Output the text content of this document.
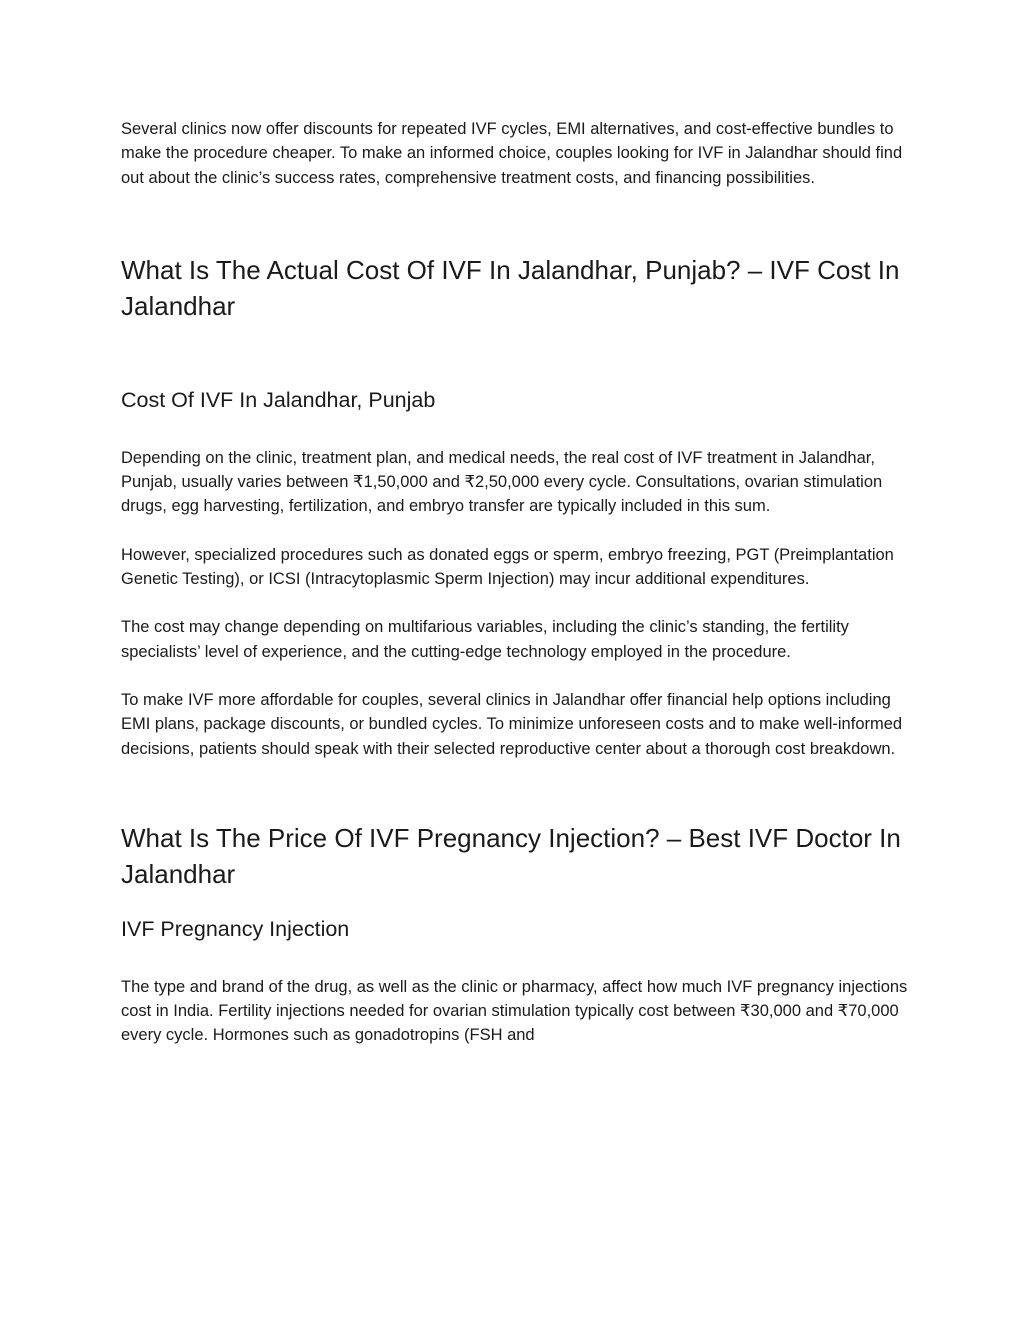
Several clinics now offer discounts for repeated IVF cycles, EMI alternatives, and cost-effective bundles to make the procedure cheaper. To make an informed choice, couples looking for IVF in Jalandhar should find out about the clinic’s success rates, comprehensive treatment costs, and financing possibilities.

What Is The Actual Cost Of IVF In Jalandhar, Punjab? – IVF Cost In Jalandhar
Cost Of IVF In Jalandhar, Punjab

Depending on the clinic, treatment plan, and medical needs, the real cost of IVF treatment in Jalandhar, Punjab, usually varies between ₹1,50,000 and ₹2,50,000 every cycle. Consultations, ovarian stimulation drugs, egg harvesting, fertilization, and embryo transfer are typically included in this sum.

However, specialized procedures such as donated eggs or sperm, embryo freezing, PGT (Preimplantation Genetic Testing), or ICSI (Intracytoplasmic Sperm Injection) may incur additional expenditures.

The cost may change depending on multifarious variables, including the clinic’s standing, the fertility specialists’ level of experience, and the cutting-edge technology employed in the procedure.

To make IVF more affordable for couples, several clinics in Jalandhar offer financial help options including EMI plans, package discounts, or bundled cycles. To minimize unforeseen costs and to make well-informed decisions, patients should speak with their selected reproductive center about a thorough cost breakdown.

What Is The Price Of IVF Pregnancy Injection? – Best IVF Doctor In Jalandhar
IVF Pregnancy Injection

The type and brand of the drug, as well as the clinic or pharmacy, affect how much IVF pregnancy injections cost in India. Fertility injections needed for ovarian stimulation typically cost between ₹30,000 and ₹70,000 every cycle. Hormones such as gonadotropins (FSH and
